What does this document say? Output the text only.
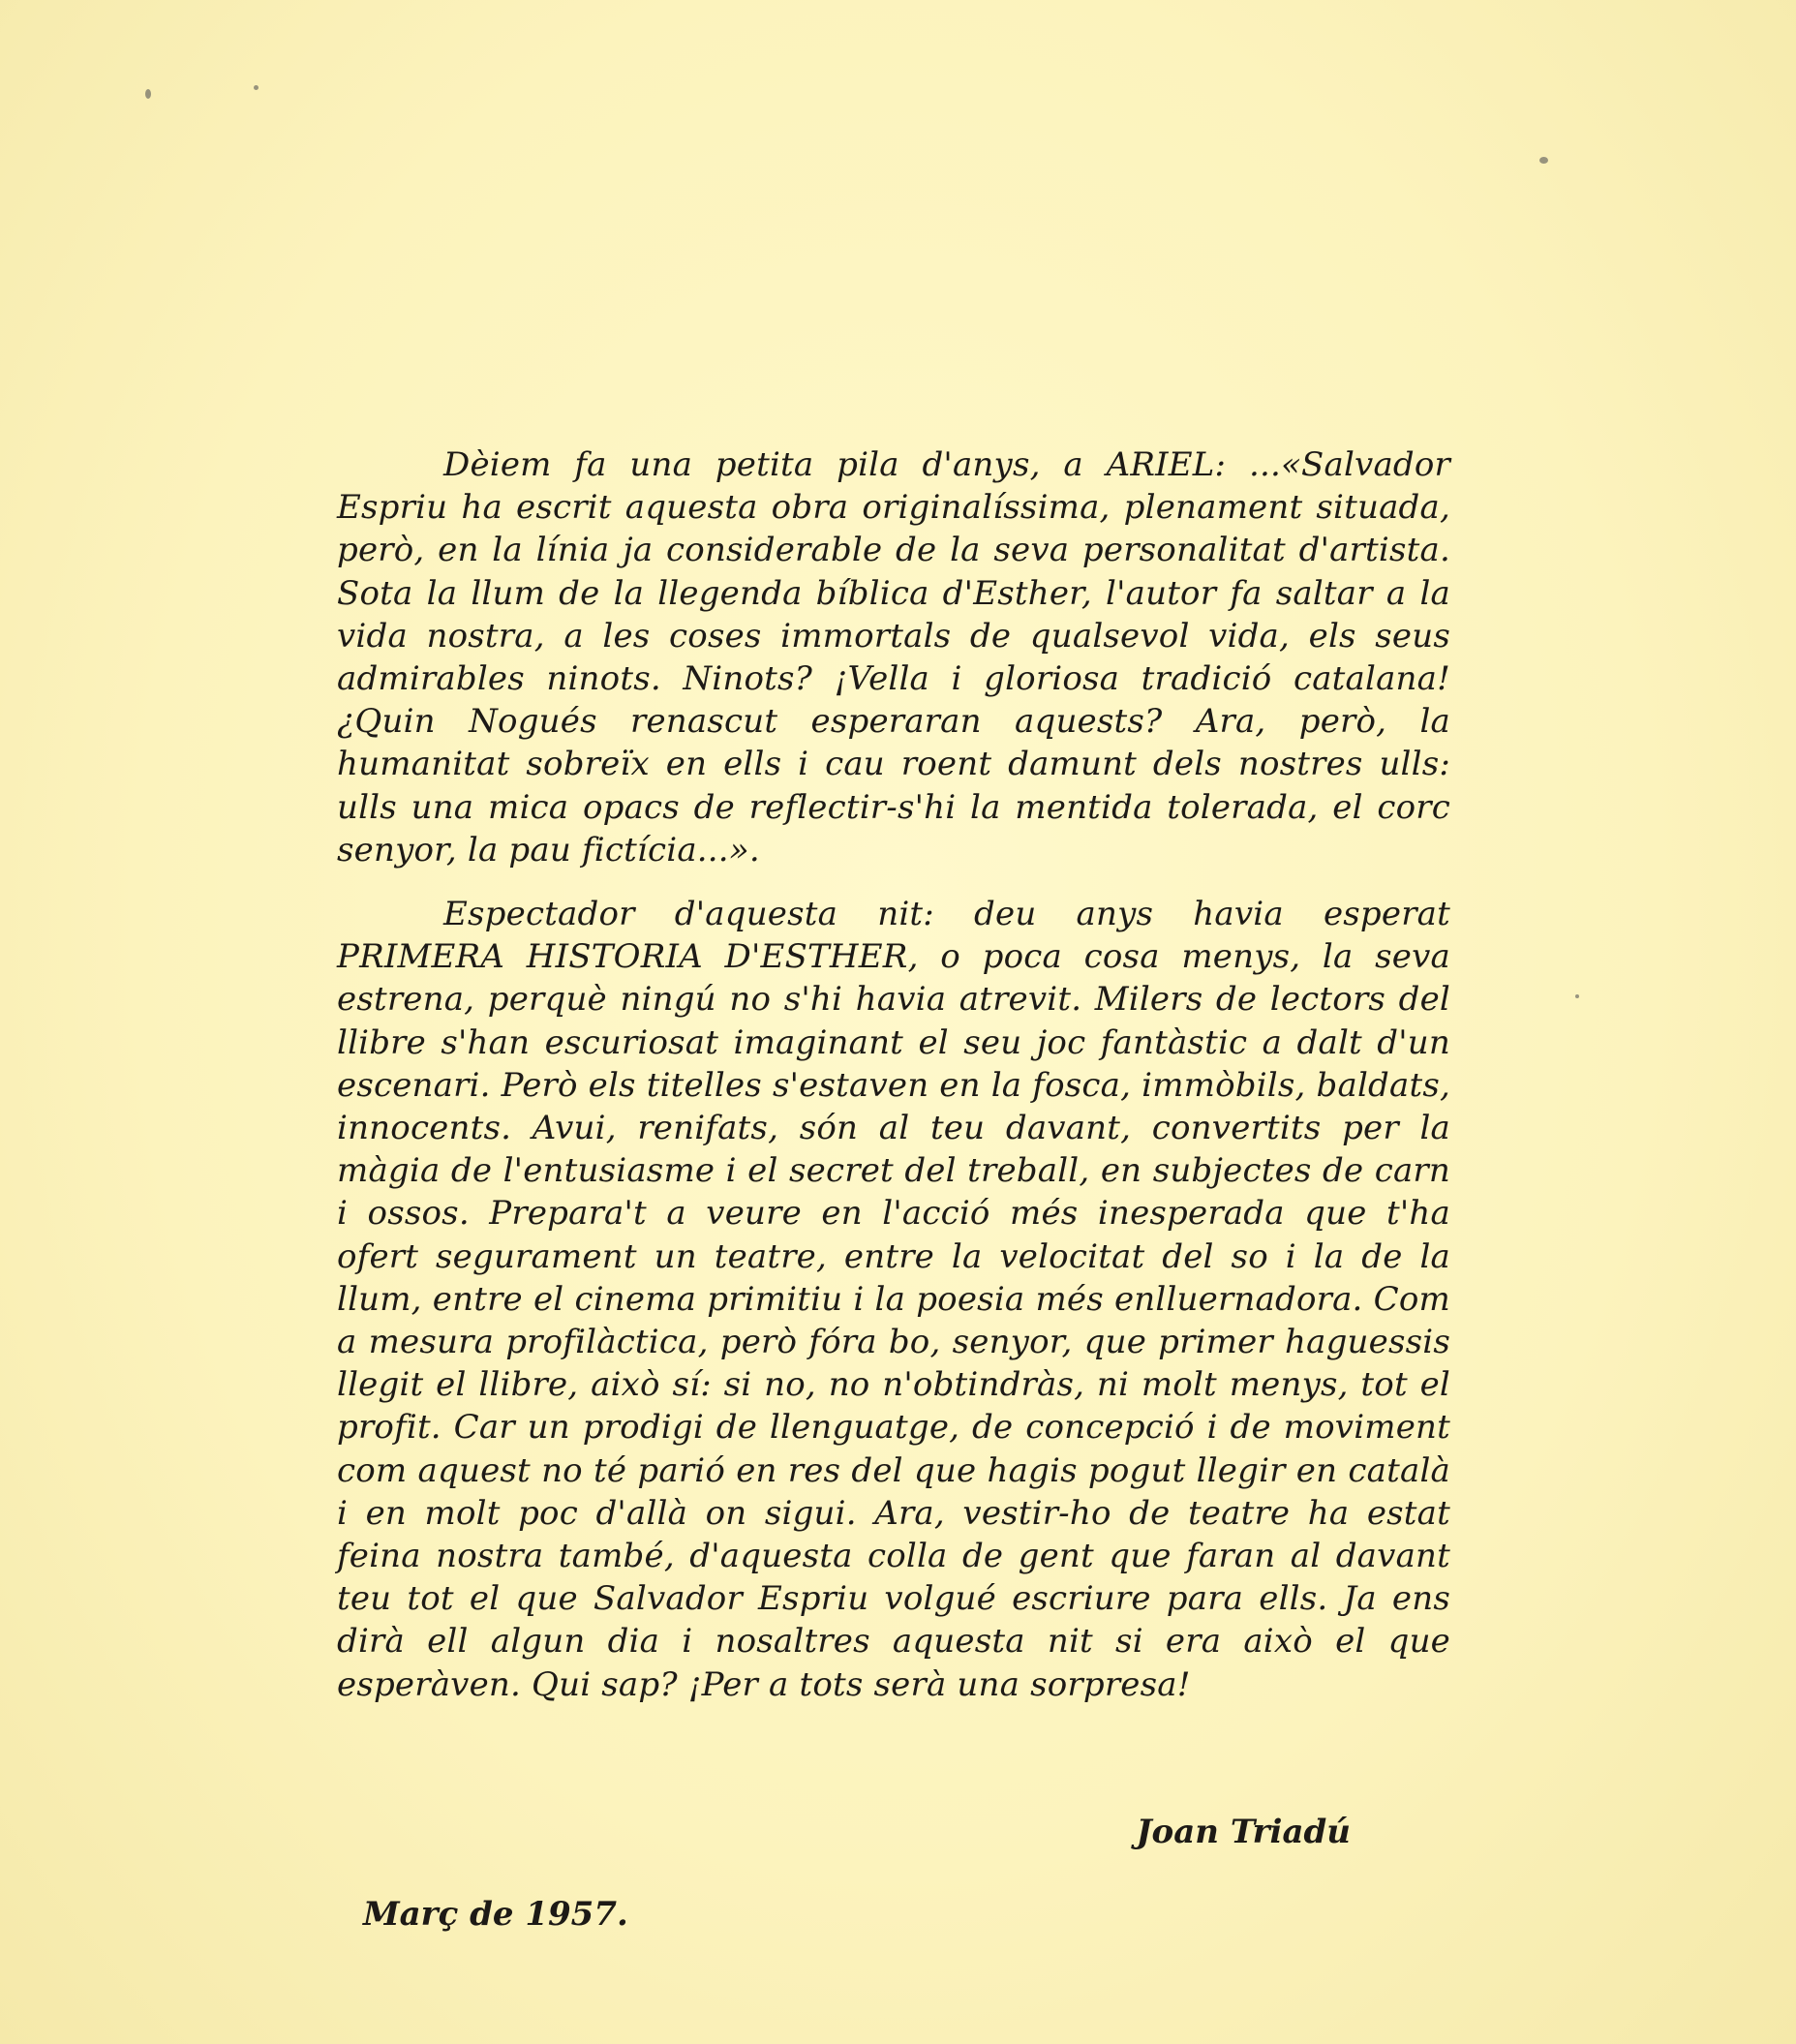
Dèiem fa una petita pila d'anys, a ARIEL: ...«Salvador Espriu ha escrit aquesta obra originalíssima, plenament situada, però, en la línia ja considerable de la seva personalitat d'artista. Sota la llum de la llegenda bíblica d'Esther, l'autor fa saltar a la vida nostra, a les coses immortals de qualsevol vida, els seus admirables ninots. Ninots? ¡Vella i gloriosa tradició catalana! ¿Quin Nogués renascut esperaran aquests? Ara, però, la humanitat sobreïx en ells i cau roent damunt dels nostres ulls: ulls una mica opacs de reflectir-s'hi la mentida tolerada, el corc senyor, la pau fictícia...».

Espectador d'aquesta nit: deu anys havia esperat PRIMERA HISTORIA D'ESTHER, o poca cosa menys, la seva estrena, perquè ningú no s'hi havia atrevit. Milers de lectors del llibre s'han escuriosat imaginant el seu joc fantàstic a dalt d'un escenari. Però els titelles s'estaven en la fosca, immòbils, baldats, innocents. Avui, renifats, són al teu davant, convertits per la màgia de l'entusiasme i el secret del treball, en subjectes de carn i ossos. Prepara't a veure en l'acció més inesperada que t'ha ofert segurament un teatre, entre la velocitat del so i la de la llum, entre el cinema primitiu i la poesia més enlluernadora. Com a mesura profilàctica, però fóra bo, senyor, que primer haguessis llegit el llibre, això sí: si no, no n'obtindràs, ni molt menys, tot el profit. Car un prodigi de llenguatge, de concepció i de moviment com aquest no té parió en res del que hagis pogut llegir en català i en molt poc d'allà on sigui. Ara, vestir-ho de teatre ha estat feina nostra també, d'aquesta colla de gent que faran al davant teu tot el que Salvador Espriu volgué escriure para ells. Ja ens dirà ell algun dia i nosaltres aquesta nit si era això el que esperàven. Qui sap? ¡Per a tots serà una sorpresa!

Joan Triadú
Març de 1957.
